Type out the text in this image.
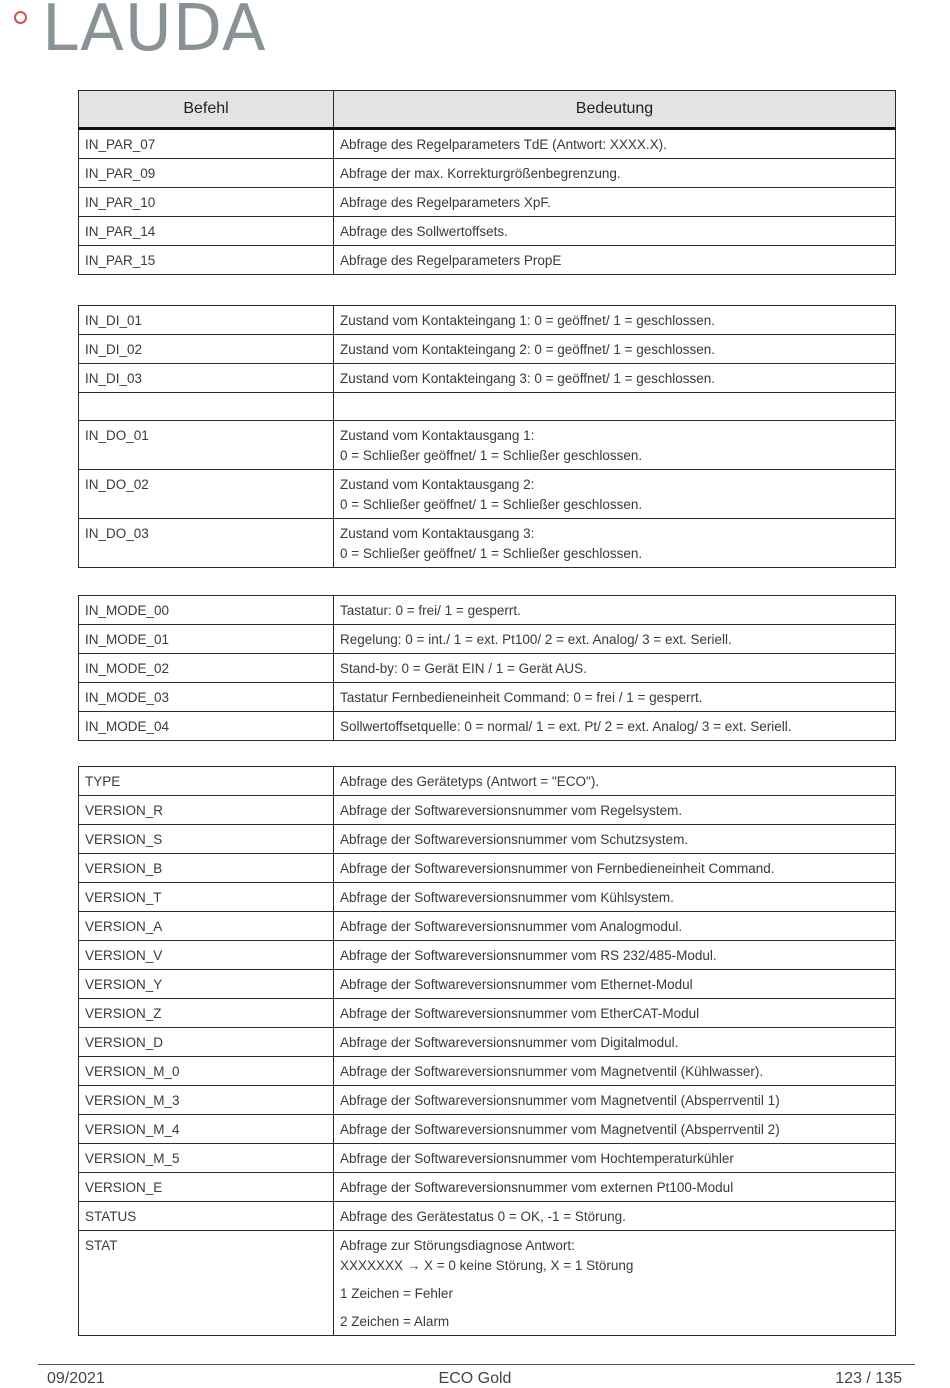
LAUDA
Befehl	Bedeutung
IN_PAR_07	Abfrage des Regelparameters TdE (Antwort: XXXX.X).

IN_PAR_09	Abfrage der max. Korrekturgrößenbegrenzung.

IN_PAR_10	Abfrage des Regelparameters XpF.

IN_PAR_14	Abfrage des Sollwertoffsets.

IN_PAR_15	Abfrage des Regelparameters PropE
IN_DI_01	Zustand vom Kontakteingang 1: 0 = geöffnet/ 1 = geschlossen.

IN_DI_02	Zustand vom Kontakteingang 2: 0 = geöffnet/ 1 = geschlossen.

IN_DI_03	Zustand vom Kontakteingang 3: 0 = geöffnet/ 1 = geschlossen.

IN_DO_01	Zustand vom Kontaktausgang 1:
0 = Schließer geöffnet/ 1 = Schließer geschlossen.

IN_DO_02	Zustand vom Kontaktausgang 2:
0 = Schließer geöffnet/ 1 = Schließer geschlossen.

IN_DO_03	Zustand vom Kontaktausgang 3:
0 = Schließer geöffnet/ 1 = Schließer geschlossen.
IN_MODE_00	Tastatur: 0 = frei/ 1 = gesperrt.

IN_MODE_01	Regelung: 0 = int./ 1 = ext. Pt100/ 2 = ext. Analog/ 3 = ext. Seriell.

IN_MODE_02	Stand-by: 0 = Gerät EIN / 1 = Gerät AUS.

IN_MODE_03	Tastatur Fernbedieneinheit Command: 0 = frei / 1 = gesperrt.

IN_MODE_04	Sollwertoffsetquelle: 0 = normal/ 1 = ext. Pt/ 2 = ext. Analog/ 3 = ext. Seriell.
TYPE	Abfrage des Gerätetyps (Antwort = "ECO").

VERSION_R	Abfrage der Softwareversionsnummer vom Regelsystem.

VERSION_S	Abfrage der Softwareversionsnummer vom Schutzsystem.

VERSION_B	Abfrage der Softwareversionsnummer von Fernbedieneinheit Command.

VERSION_T	Abfrage der Softwareversionsnummer vom Kühlsystem.

VERSION_A	Abfrage der Softwareversionsnummer vom Analogmodul.

VERSION_V	Abfrage der Softwareversionsnummer vom RS 232/485-Modul.

VERSION_Y	Abfrage der Softwareversionsnummer vom Ethernet-Modul

VERSION_Z	Abfrage der Softwareversionsnummer vom EtherCAT-Modul

VERSION_D	Abfrage der Softwareversionsnummer vom Digitalmodul.

VERSION_M_0	Abfrage der Softwareversionsnummer vom Magnetventil (Kühlwasser).

VERSION_M_3	Abfrage der Softwareversionsnummer vom Magnetventil (Absperrventil 1)

VERSION_M_4	Abfrage der Softwareversionsnummer vom Magnetventil (Absperrventil 2)

VERSION_M_5	Abfrage der Softwareversionsnummer vom Hochtemperaturkühler

VERSION_E	Abfrage der Softwareversionsnummer vom externen Pt100-Modul

STATUS	Abfrage des Gerätestatus 0 = OK, -1 = Störung.

STAT	Abfrage zur Störungsdiagnose Antwort:
XXXXXXX → X = 0 keine Störung, X = 1 Störung
1 Zeichen = Fehler
2 Zeichen = Alarm
09/2021	ECO Gold	123 / 135
